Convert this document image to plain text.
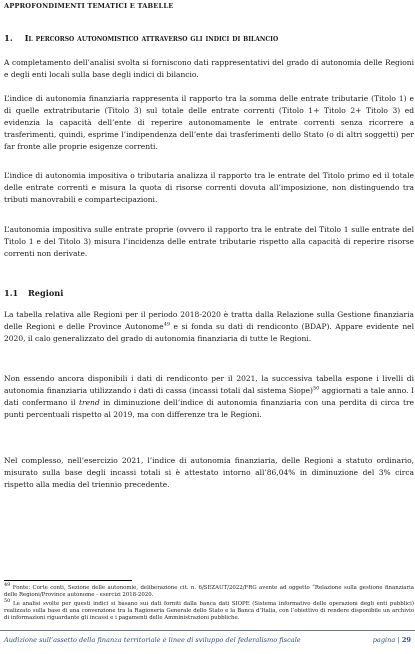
APPROFONDIMENTI TEMATICI E TABELLE
1. Il percorso autonomistico attraverso gli indici di bilancio

A completamento dell’analisi svolta si forniscono dati rappresentativi del grado di autonomia delle Regioni e degli enti locali sulla base degli indici di bilancio.

L’indice di autonomia finanziaria rappresenta il rapporto tra la somma delle entrate tributarie (Titolo 1) e di quelle extratributarie (Titolo 3) sul totale delle entrate correnti (Titolo 1+ Titolo 2+ Titolo 3) ed evidenzia la capacità dell’ente di reperire autonomamente le entrate correnti senza ricorrere a trasferimenti, quindi, esprime l’indipendenza dell’ente dai trasferimenti dello Stato (o di altri soggetti) per far fronte alle proprie esigenze correnti.

L’indice di autonomia impositiva o tributaria analizza il rapporto tra le entrate del Titolo primo ed il totale delle entrate correnti e misura la quota di risorse correnti dovuta all’imposizione, non distinguendo tra tributi manovrabili e compartecipazioni.

L’autonomia impositiva sulle entrate proprie (ovvero il rapporto tra le entrate del Titolo 1 sulle entrate del Titolo 1 e del Titolo 3) misura l’incidenza delle entrate tributarie rispetto alla capacità di reperire risorse correnti non derivate.

1.1 Regioni

La tabella relativa alle Regioni per il periodo 2018-2020 è tratta dalla Relazione sulla Gestione finanziaria delle Regioni e delle Province Autonome$^{49}$ e si fonda su dati di rendiconto (BDAP). Appare evidente nel 2020, il calo generalizzato del grado di autonomia finanziaria di tutte le Regioni.

Non essendo ancora disponibili i dati di rendiconto per il 2021, la successiva tabella espone i livelli di autonomia finanziaria utilizzando i dati di cassa (incassi totali dal sistema Siope)$^{50}$ aggiornati a tale anno. I dati confermano il trend in diminuzione dell’indice di autonomia finanziaria con una perdita di circa tre punti percentuali rispetto al 2019, ma con differenze tra le Regioni.

Nel complesso, nell’esercizio 2021, l’indice di autonomia finanziaria, delle Regioni a statuto ordinario, misurato sulla base degli incassi totali si è attestato intorno all’86,04% in diminuzione del 3% circa rispetto alla media del triennio precedente.

$^{49}$ Fonte: Corte conti, Sezione delle autonomie, deliberazione cit. n. 6/SEZAUT/2022/FRG avente ad oggetto “Relazione sulla gestione finanziaria delle Regioni/Province autonome - esercizi 2018-2020.

$^{50}$ Le analisi svolte per questi indici si basano sui dati forniti dalla banca dati SIOPE (Sistema informativo delle operazioni degli enti pubblici) realizzato sulla base di una convenzione tra la Ragioneria Generale dello Stato e la Banca d’Italia, con l’obiettivo di rendere disponibile un archivio di informazioni riguardante gli incassi e i pagamenti delle Amministrazioni pubbliche.

Audizione sull’assetto della finanza territoriale e linee di sviluppo del federalismo fiscale	pagina | 29
